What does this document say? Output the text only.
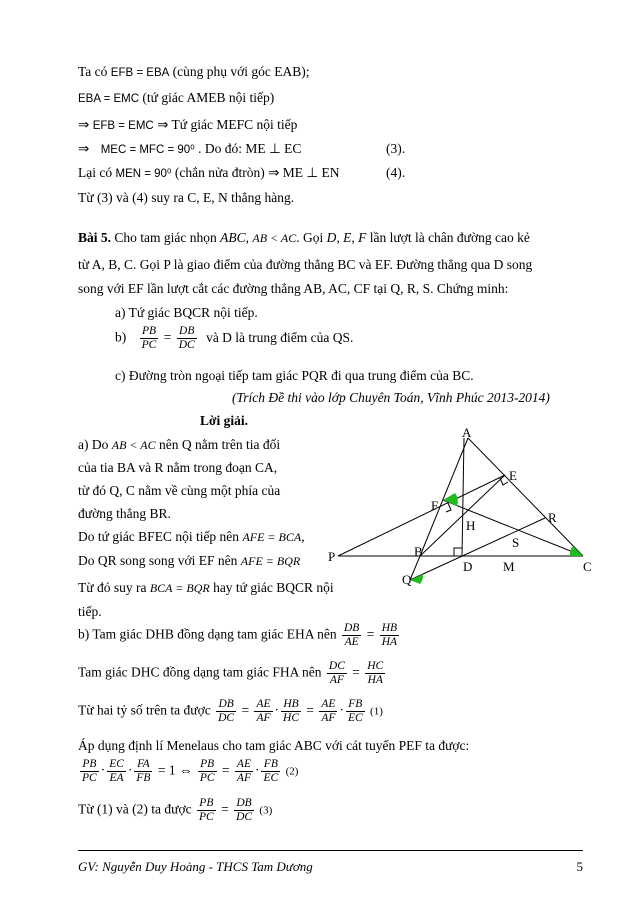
Ta có EFB = EBA (cùng phụ với góc EAB);
EBA = EMC (tứ giác AMEB nội tiếp)
⇒ EFB = EMC ⇒ Tứ giác MEFC nội tiếp
⇒ MEC = MFC = 90⁰ . Do đó: ME ⊥ EC	(3).
Lại có MEN = 90⁰ (chắn nửa đtròn) ⇒ ME ⊥ EN	(4).
Từ (3) và (4) suy ra C, E, N thẳng hàng.
Bài 5. Cho tam giác nhọn ABC, AB < AC. Gọi D, E, F lần lượt là chân đường cao kẻ
từ A, B, C. Gọi P là giao điểm của đường thẳng BC và EF. Đường thẳng qua D song
song với EF lần lượt cắt các đường thẳng AB, AC, CF tại Q, R, S. Chứng minh:
a) Tứ giác BQCR nội tiếp.
$b) \frac{PB}{PC} = \frac{DB}{DC}$ và D là trung điểm của QS.
c) Đường tròn ngoại tiếp tam giác PQR đi qua trung điểm của BC.
(Trích Đề thi vào lớp Chuyên Toán, Vĩnh Phúc 2013-2014)
Lời giải.
a) Do AB < AC nên Q nằm trên tia đối
của tia BA và R nằm trong đoạn CA,
từ đó Q, C nằm về cùng một phía của
đường thẳng BR.
Do tứ giác BFEC nội tiếp nên AFE = BCA,
Do QR song song với EF nên AFE = BQR
Từ đó suy ra BCA = BQR hay tứ giác BQCR nội
tiếp.
b) Tam giác DHB đồng dạng tam giác EHA nên $\frac{DB}{AE} = \frac{HB}{HA}$
Tam giác DHC đồng dạng tam giác FHA nên $\frac{DC}{AF} = \frac{HC}{HA}$
Từ hai tỷ số trên ta được $\frac{DB}{DC} = \frac{AE}{AF} \cdot \frac{HB}{HC} = \frac{AE}{AF} \cdot \frac{FB}{EC} (1)$
Áp dụng định lí Menelaus cho tam giác ABC với cát tuyến PEF ta được:
$\frac{PB}{PC} \cdot \frac{EC}{EA} \cdot \frac{FA}{FB} = 1$ ⇔ $\frac{PB}{PC} = \frac{AE}{AF} \cdot \frac{FB}{EC} (2)$
Từ (1) và (2) ta được $\frac{PB}{PC} = \frac{DB}{DC} (3)$
A
E
F
H
R
S
P	B
D M	C
Q
GV: Nguyễn Duy Hoàng - THCS Tam Dương	5
